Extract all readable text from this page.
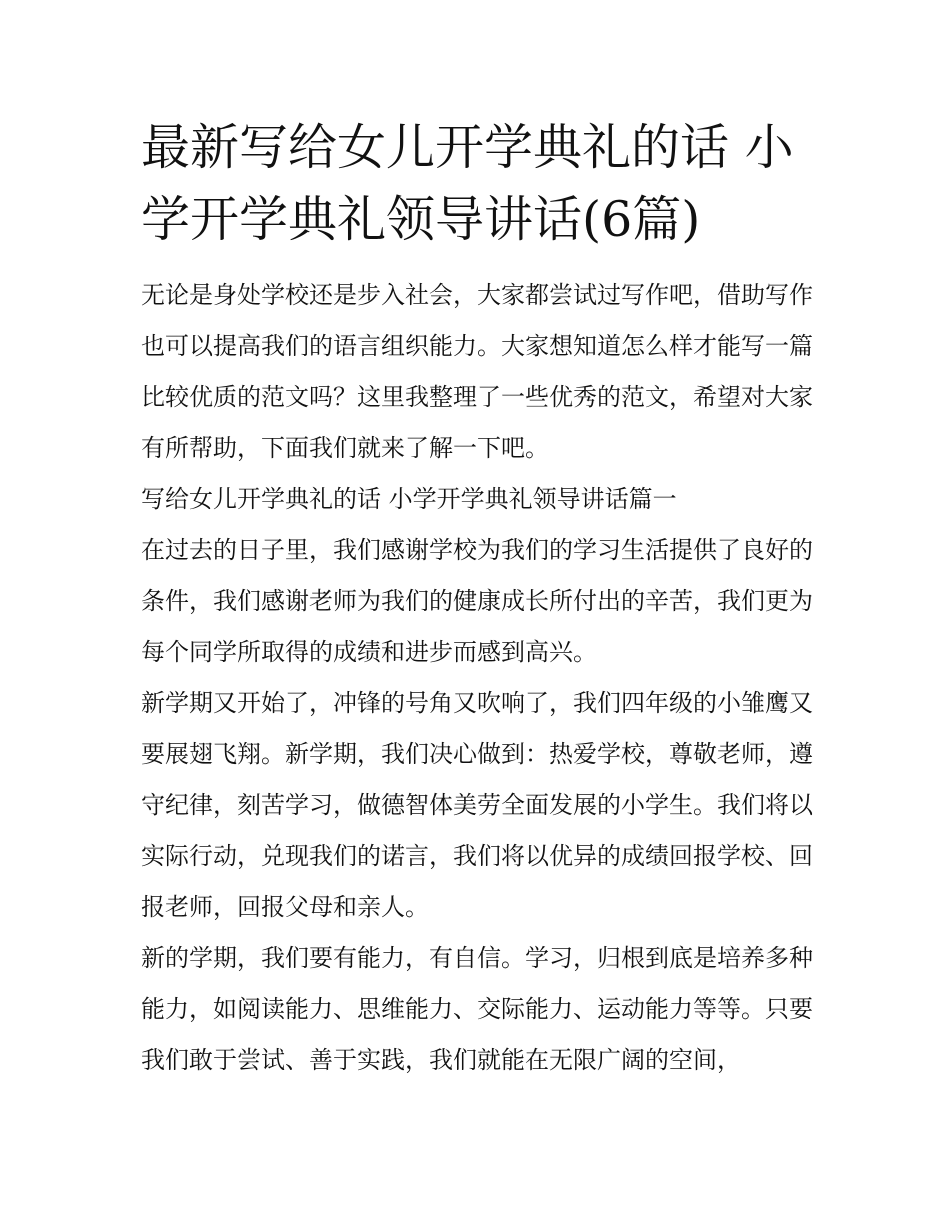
最新写给女儿开学典礼的话 小学开学典礼领导讲话(6篇)

无论是身处学校还是步入社会，大家都尝试过写作吧，借助写作也可以提高我们的语言组织能力。大家想知道怎么样才能写一篇比较优质的范文吗？这里我整理了一些优秀的范文，希望对大家有所帮助，下面我们就来了解一下吧。

写给女儿开学典礼的话 小学开学典礼领导讲话篇一

在过去的日子里，我们感谢学校为我们的学习生活提供了良好的条件，我们感谢老师为我们的健康成长所付出的辛苦，我们更为每个同学所取得的成绩和进步而感到高兴。

新学期又开始了，冲锋的号角又吹响了，我们四年级的小雏鹰又要展翅飞翔。新学期，我们决心做到：热爱学校，尊敬老师，遵守纪律，刻苦学习，做德智体美劳全面发展的小学生。我们将以实际行动，兑现我们的诺言，我们将以优异的成绩回报学校、回报老师，回报父母和亲人。

新的学期，我们要有能力，有自信。学习，归根到底是培养多种能力，如阅读能力、思维能力、交际能力、运动能力等等。只要我们敢于尝试、善于实践，我们就能在无限广阔的空间，
